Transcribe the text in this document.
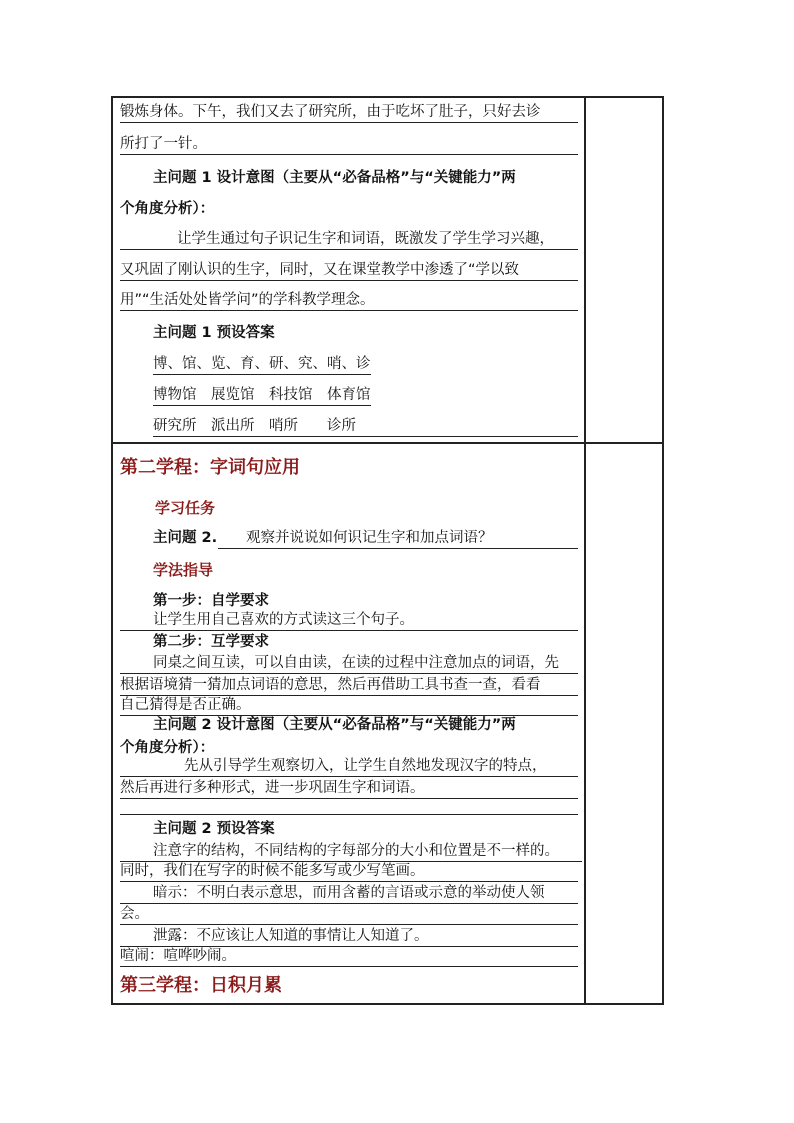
锻炼身体。下午，我们又去了研究所，由于吃坏了肚子，只好去诊
所打了一针。
主问题 1 设计意图（主要从“必备品格”与“关键能力”两
个角度分析）：
让学生通过句子识记生字和词语，既激发了学生学习兴趣，
又巩固了刚认识的生字，同时，又在课堂教学中渗透了“学以致
用”“生活处处皆学问”的学科教学理念。
主问题 1 预设答案
博、馆、览、育、研、究、哨、诊
博物馆　展览馆　科技馆　体育馆
研究所　派出所　哨所　　诊所
第二学程：字词句应用
学习任务
主问题 2.	观察并说说如何识记生字和加点词语？
学法指导
第一步：自学要求
让学生用自己喜欢的方式读这三个句子。
第二步：互学要求
同桌之间互读，可以自由读，在读的过程中注意加点的词语，先
根据语境猜一猜加点词语的意思，然后再借助工具书查一查，看看
自己猜得是否正确。
主问题 2 设计意图（主要从“必备品格”与“关键能力”两
个角度分析）：
先从引导学生观察切入，让学生自然地发现汉字的特点，
然后再进行多种形式，进一步巩固生字和词语。
主问题 2 预设答案
注意字的结构，不同结构的字每部分的大小和位置是不一样的。
同时，我们在写字的时候不能多写或少写笔画。
暗示：不明白表示意思，而用含蓄的言语或示意的举动使人领
会。
泄露：不应该让人知道的事情让人知道了。
喧闹：喧哗吵闹。
第三学程：日积月累
